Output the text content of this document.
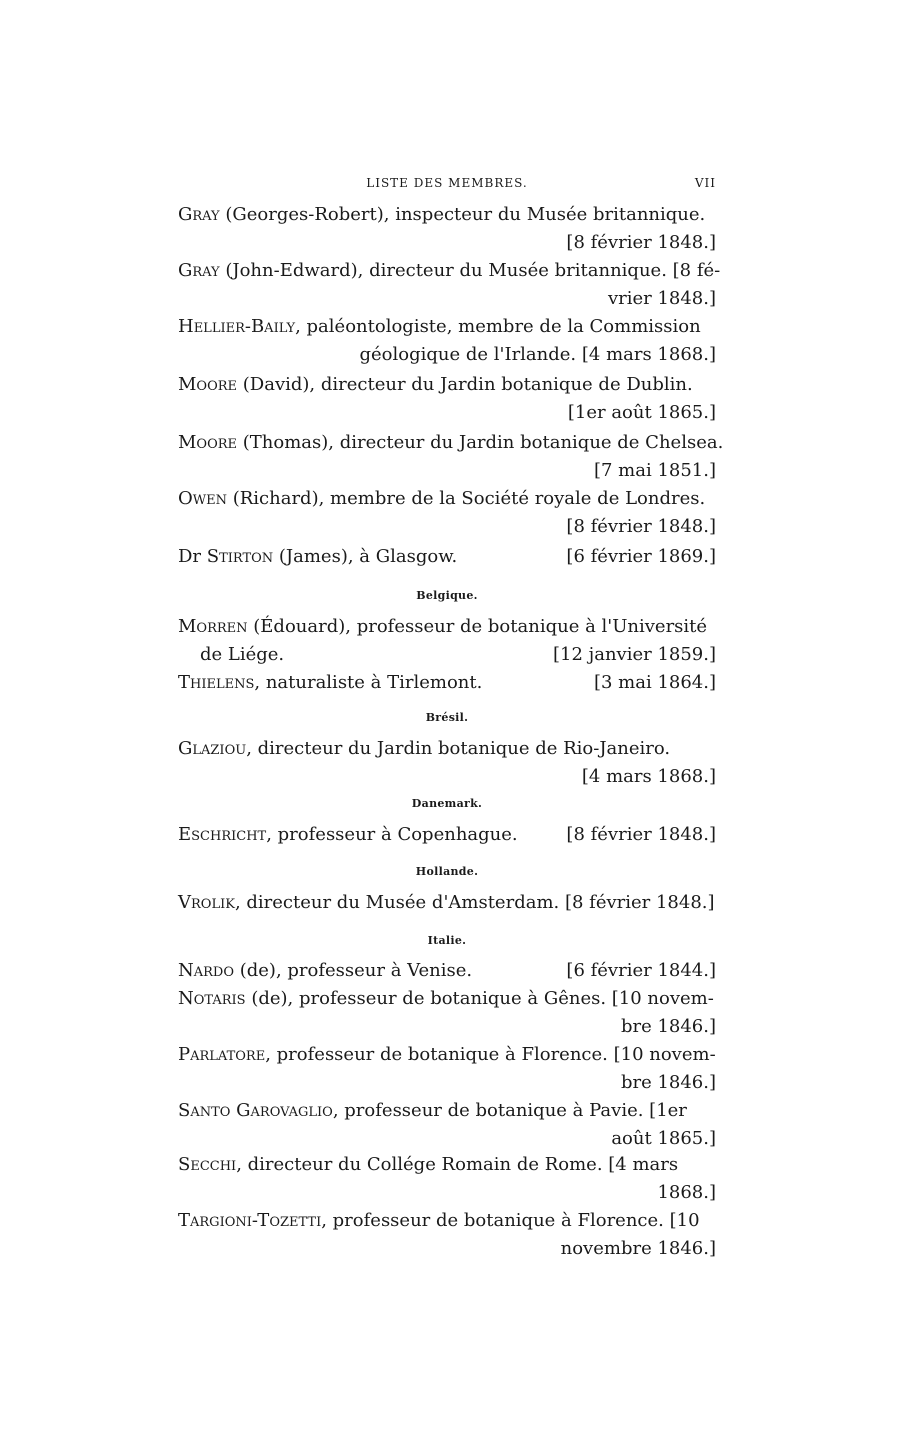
LISTE DES MEMBRES.	VII
Gray (Georges-Robert), inspecteur du Musée britannique.
[8 février 1848.]
Gray (John-Edward), directeur du Musée britannique. [8 fé-
vrier 1848.]
Hellier-Baily, paléontologiste, membre de la Commission
géologique de l'Irlande. [4 mars 1868.]
Moore (David), directeur du Jardin botanique de Dublin.
[1er août 1865.]
Moore (Thomas), directeur du Jardin botanique de Chelsea.
[7 mai 1851.]
Owen (Richard), membre de la Société royale de Londres.
[8 février 1848.]
Dr Stirton (James), à Glasgow.	[6 février 1869.]
Belgique.
Morren (Édouard), professeur de botanique à l'Université
de Liége.	[12 janvier 1859.]
Thielens, naturaliste à Tirlemont.	[3 mai 1864.]
Brésil.
Glaziou, directeur du Jardin botanique de Rio-Janeiro.
[4 mars 1868.]
Danemark.
Eschricht, professeur à Copenhague.	[8 février 1848.]
Hollande.
Vrolik, directeur du Musée d'Amsterdam. [8 février 1848.]
Italie.
Nardo (de), professeur à Venise.	[6 février 1844.]
Notaris (de), professeur de botanique à Gênes. [10 novem-
bre 1846.]
Parlatore, professeur de botanique à Florence. [10 novem-
bre 1846.]
Santo Garovaglio, professeur de botanique à Pavie. [1er
août 1865.]
Secchi, directeur du Collége Romain de Rome. [4 mars
1868.]
Targioni-Tozetti, professeur de botanique à Florence. [10
novembre 1846.]
